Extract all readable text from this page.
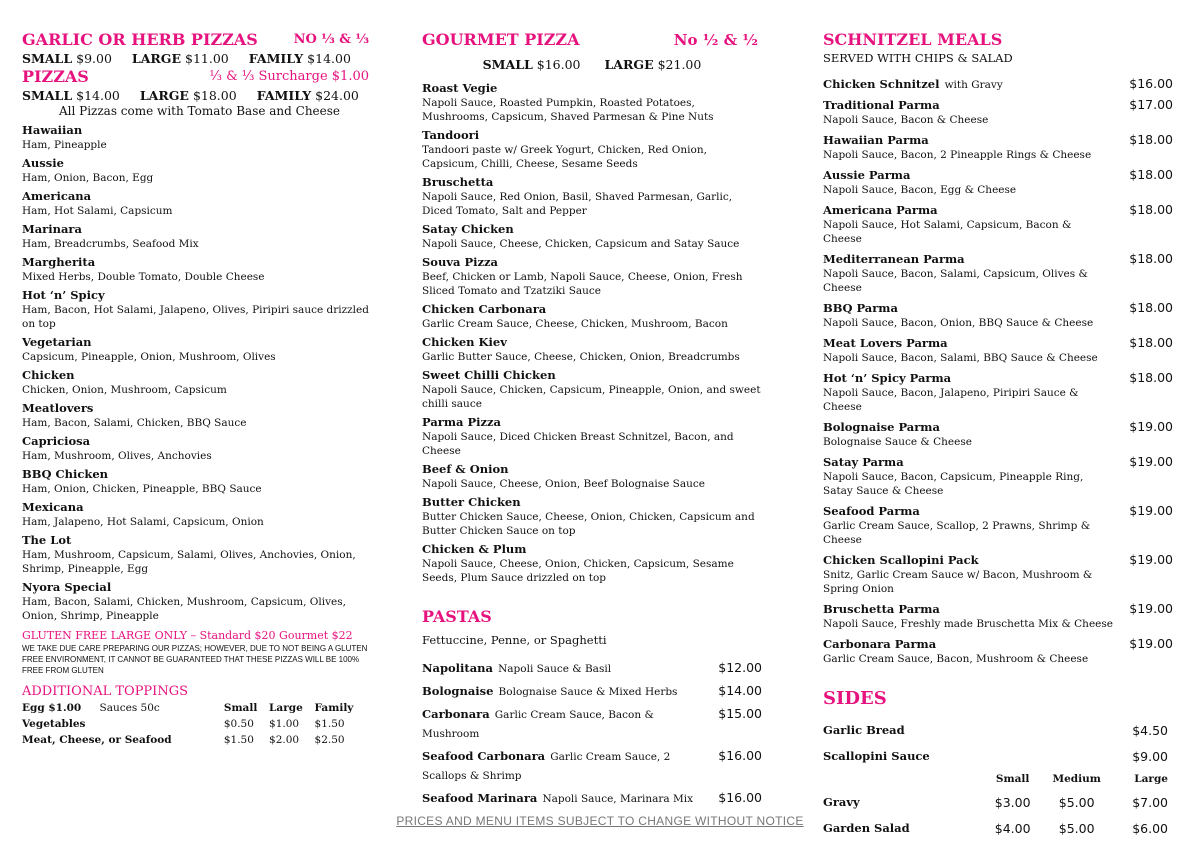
GARLIC OR HERB PIZZAS	NO ⅓ & ⅓
SMALL $9.00 LARGE $11.00 FAMILY $14.00
PIZZAS	⅓ & ⅓ Surcharge $1.00
SMALL $14.00 LARGE $18.00 FAMILY $24.00
All Pizzas come with Tomato Base and Cheese
Hawaiian
Ham, Pineapple
Aussie
Ham, Onion, Bacon, Egg
Americana
Ham, Hot Salami, Capsicum
Marinara
Ham, Breadcrumbs, Seafood Mix
Margherita
Mixed Herbs, Double Tomato, Double Cheese
Hot ‘n’ Spicy
Ham, Bacon, Hot Salami, Jalapeno, Olives, Piripiri sauce drizzled on top
Vegetarian
Capsicum, Pineapple, Onion, Mushroom, Olives
Chicken
Chicken, Onion, Mushroom, Capsicum
Meatlovers
Ham, Bacon, Salami, Chicken, BBQ Sauce
Capriciosa
Ham, Mushroom, Olives, Anchovies
BBQ Chicken
Ham, Onion, Chicken, Pineapple, BBQ Sauce
Mexicana
Ham, Jalapeno, Hot Salami, Capsicum, Onion
The Lot
Ham, Mushroom, Capsicum, Salami, Olives, Anchovies, Onion, Shrimp, Pineapple, Egg
Nyora Special
Ham, Bacon, Salami, Chicken, Mushroom, Capsicum, Olives, Onion, Shrimp, Pineapple
GLUTEN FREE LARGE ONLY – Standard $20 Gourmet $22
WE TAKE DUE CARE PREPARING OUR PIZZAS; HOWEVER, DUE TO NOT BEING A GLUTEN FREE ENVIRONMENT, IT CANNOT BE GUARANTEED THAT THESE PIZZAS WILL BE 100% FREE FROM GLUTEN
ADDITIONAL TOPPINGS
Egg $1.00 Sauces 50c	Small	Large	Family
Vegetables	$0.50	$1.00	$1.50
Meat, Cheese, or Seafood	$1.50	$2.00	$2.50
GOURMET PIZZA	No ½ & ½
SMALL $16.00 LARGE $21.00
Roast Vegie
Napoli Sauce, Roasted Pumpkin, Roasted Potatoes, Mushrooms, Capsicum, Shaved Parmesan & Pine Nuts
Tandoori
Tandoori paste w/ Greek Yogurt, Chicken, Red Onion, Capsicum, Chilli, Cheese, Sesame Seeds
Bruschetta
Napoli Sauce, Red Onion, Basil, Shaved Parmesan, Garlic, Diced Tomato, Salt and Pepper
Satay Chicken
Napoli Sauce, Cheese, Chicken, Capsicum and Satay Sauce
Souva Pizza
Beef, Chicken or Lamb, Napoli Sauce, Cheese, Onion, Fresh Sliced Tomato and Tzatziki Sauce
Chicken Carbonara
Garlic Cream Sauce, Cheese, Chicken, Mushroom, Bacon
Chicken Kiev
Garlic Butter Sauce, Cheese, Chicken, Onion, Breadcrumbs
Sweet Chilli Chicken
Napoli Sauce, Chicken, Capsicum, Pineapple, Onion, and sweet chilli sauce
Parma Pizza
Napoli Sauce, Diced Chicken Breast Schnitzel, Bacon, and Cheese
Beef & Onion
Napoli Sauce, Cheese, Onion, Beef Bolognaise Sauce
Butter Chicken
Butter Chicken Sauce, Cheese, Onion, Chicken, Capsicum and Butter Chicken Sauce on top
Chicken & Plum
Napoli Sauce, Cheese, Onion, Chicken, Capsicum, Sesame Seeds, Plum Sauce drizzled on top
PASTAS
Fettuccine, Penne, or Spaghetti
Napolitana Napoli Sauce & Basil	$12.00
Bolognaise Bolognaise Sauce & Mixed Herbs	$14.00
Carbonara Garlic Cream Sauce, Bacon & Mushroom
$15.00
Seafood Carbonara Garlic Cream Sauce, 2 Scallops & Shrimp
$16.00
Seafood Marinara Napoli Sauce, Marinara Mix $16.00
SCHNITZEL MEALS
SERVED WITH CHIPS & SALAD
Chicken Schnitzel with Gravy	$16.00
Traditional Parma	$17.00
Napoli Sauce, Bacon & Cheese
Hawaiian Parma	$18.00
Napoli Sauce, Bacon, 2 Pineapple Rings & Cheese
Aussie Parma	$18.00
Napoli Sauce, Bacon, Egg & Cheese
Americana Parma	$18.00
Napoli Sauce, Hot Salami, Capsicum, Bacon & Cheese
Mediterranean Parma	$18.00
Napoli Sauce, Bacon, Salami, Capsicum, Olives & Cheese
BBQ Parma	$18.00
Napoli Sauce, Bacon, Onion, BBQ Sauce & Cheese
Meat Lovers Parma	$18.00
Napoli Sauce, Bacon, Salami, BBQ Sauce & Cheese
Hot ‘n’ Spicy Parma	$18.00
Napoli Sauce, Bacon, Jalapeno, Piripiri Sauce & Cheese
Bolognaise Parma	$19.00
Bolognaise Sauce & Cheese
Satay Parma	$19.00
Napoli Sauce, Bacon, Capsicum, Pineapple Ring, Satay Sauce & Cheese
Seafood Parma	$19.00
Garlic Cream Sauce, Scallop, 2 Prawns, Shrimp & Cheese
Chicken Scallopini Pack	$19.00
Snitz, Garlic Cream Sauce w/ Bacon, Mushroom & Spring Onion
Bruschetta Parma	$19.00
Napoli Sauce, Freshly made Bruschetta Mix & Cheese
Carbonara Parma	$19.00
Garlic Cream Sauce, Bacon, Mushroom & Cheese
SIDES
Garlic Bread			$4.50
Scallopini Sauce			$9.00
	Small	Medium	Large
Gravy	$3.00	$5.00	$7.00
Garden Salad	$4.00	$5.00	$6.00
PRICES AND MENU ITEMS SUBJECT TO CHANGE WITHOUT NOTICE
